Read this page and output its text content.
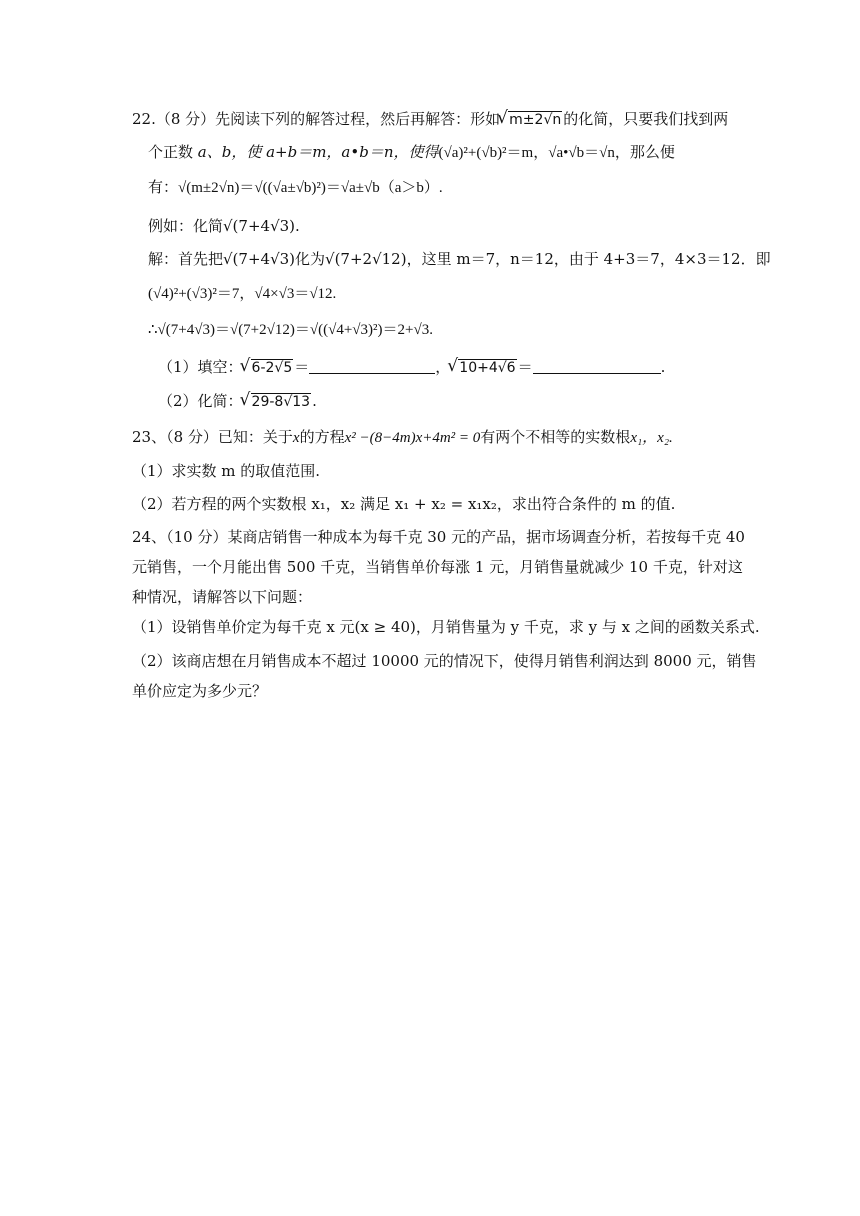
22.（8 分）先阅读下列的解答过程，然后再解答：形如 √ m±2√n 的化简，只要我们找到两
个正数 a、b，使 a+b＝m，a•b＝n，使得(√a)²+(√b)²＝m，√a•√b＝√n，那么便
有：√(m±2√n)＝√((√a±√b)²)＝√a±√b（a＞b）.
例如：化简√(7+4√3).
解：首先把√(7+4√3)化为√(7+2√12)，这里 m＝7，n＝12，由于 4+3＝7，4×3＝12．即
(√4)²+(√3)²＝7，√4×√3＝√12.
∴√(7+4√3)＝√(7+2√12)＝√((√4+√3)²)＝2+√3.
（1）填空： √ 6-2√5 ＝	， √ 10+4√6 ＝	.
（2）化简： √ 29-8√13 .
23、（8 分）已知：关于x的方程x² −(8−4m)x+4m² = 0有两个不相等的实数根x₁，x₂.
（1）求实数 m 的取值范围.
（2）若方程的两个实数根 x₁，x₂ 满足 x₁ + x₂ = x₁x₂，求出符合条件的 m 的值.
24、（10 分）某商店销售一种成本为每千克 30 元的产品，据市场调查分析，若按每千克 40
元销售，一个月能出售 500 千克，当销售单价每涨 1 元，月销售量就减少 10 千克，针对这
种情况，请解答以下问题：
（1）设销售单价定为每千克 x 元(x ≥ 40)，月销售量为 y 千克，求 y 与 x 之间的函数关系式.
（2）该商店想在月销售成本不超过 10000 元的情况下，使得月销售利润达到 8000 元，销售
单价应定为多少元？
